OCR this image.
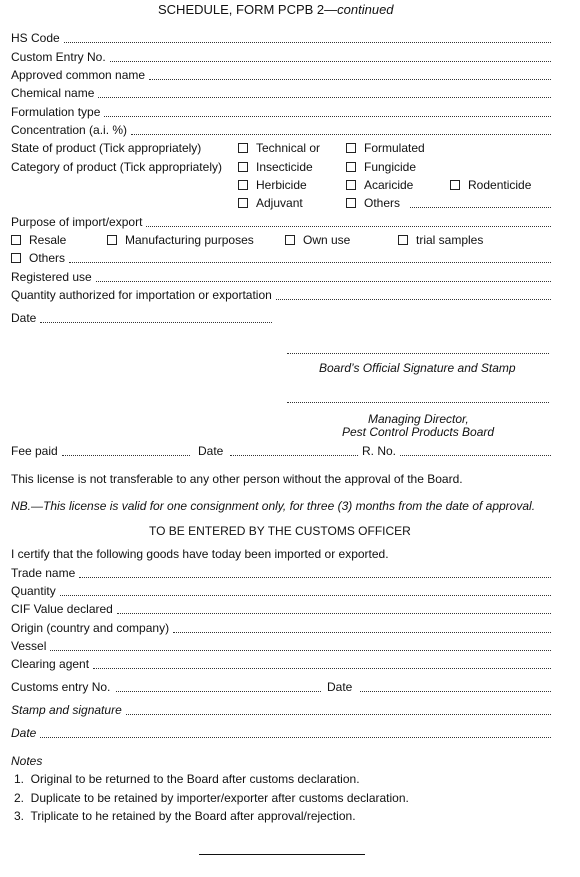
SCHEDULE, FORM PCPB 2—continued
HS Code
Custom Entry No.
Approved common name
Chemical name
Formulation type
Concentration (a.i. %)
State of product (Tick appropriately)	Technical or	Formulated
Category of product (Tick appropriately)	Insecticide	Fungicide
Herbicide	Acaricide	Rodenticide
Adjuvant	Others
Purpose of import/export
Resale	Manufacturing purposes	Own use	trial samples
Others
Registered use
Quantity authorized for importation or exportation
Date
Board’s Official Signature and Stamp
Managing Director,
Pest Control Products Board
Fee paid	Date	R. No.
This license is not transferable to any other person without the approval of the Board.
NB.—This license is valid for one consignment only, for three (3) months from the date of approval.
TO BE ENTERED BY THE CUSTOMS OFFICER
I certify that the following goods have today been imported or exported.
Trade name
Quantity
CIF Value declared
Origin (country and company)
Vessel
Clearing agent
Customs entry No.	Date
Stamp and signature
Date
Notes
1.  Original to be returned to the Board after customs declaration.
2.  Duplicate to be retained by importer/exporter after customs declaration.
3.  Triplicate to he retained by the Board after approval/rejection.
